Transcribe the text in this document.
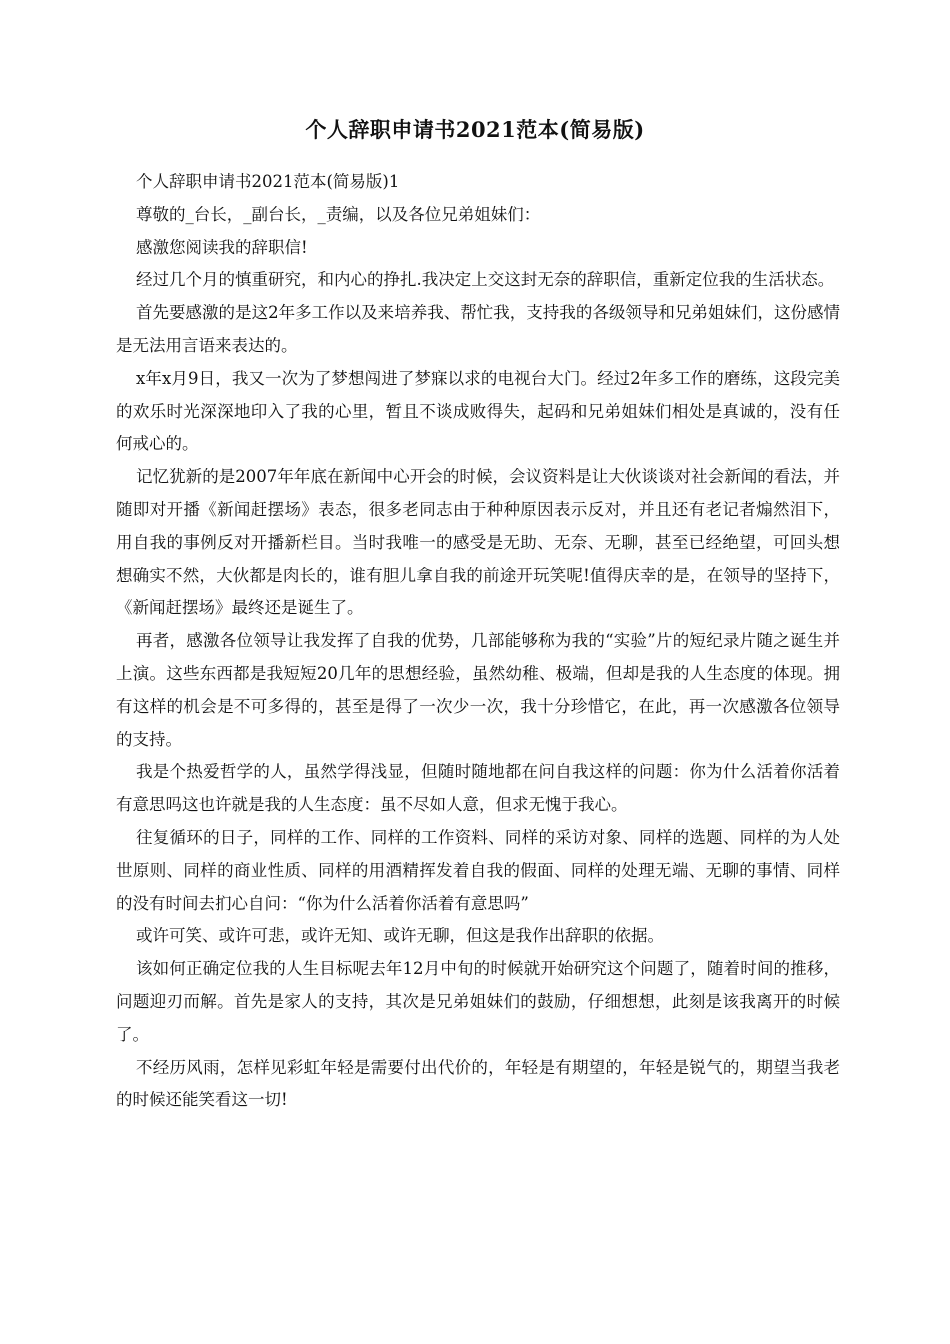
个人辞职申请书2021范本(简易版)

个人辞职申请书2021范本(简易版)1

尊敬的_台长，_副台长，_责编，以及各位兄弟姐妹们：

感激您阅读我的辞职信!

经过几个月的慎重研究，和内心的挣扎.我决定上交这封无奈的辞职信，重新定位我的生活状态。

首先要感激的是这2年多工作以及来培养我、帮忙我，支持我的各级领导和兄弟姐妹们，这份感情是无法用言语来表达的。

x年x月9日，我又一次为了梦想闯进了梦寐以求的电视台大门。经过2年多工作的磨练，这段完美的欢乐时光深深地印入了我的心里，暂且不谈成败得失，起码和兄弟姐妹们相处是真诚的，没有任何戒心的。

记忆犹新的是2007年年底在新闻中心开会的时候，会议资料是让大伙谈谈对社会新闻的看法，并随即对开播《新闻赶摆场》表态，很多老同志由于种种原因表示反对，并且还有老记者煽然泪下，用自我的事例反对开播新栏目。当时我唯一的感受是无助、无奈、无聊，甚至已经绝望，可回头想想确实不然，大伙都是肉长的，谁有胆儿拿自我的前途开玩笑呢!值得庆幸的是，在领导的坚持下，《新闻赶摆场》最终还是诞生了。

再者，感激各位领导让我发挥了自我的优势，几部能够称为我的“实验”片的短纪录片随之诞生并上演。这些东西都是我短短20几年的思想经验，虽然幼稚、极端，但却是我的人生态度的体现。拥有这样的机会是不可多得的，甚至是得了一次少一次，我十分珍惜它，在此，再一次感激各位领导的支持。

我是个热爱哲学的人，虽然学得浅显，但随时随地都在问自我这样的问题：你为什么活着你活着有意思吗这也许就是我的人生态度：虽不尽如人意，但求无愧于我心。

往复循环的日子，同样的工作、同样的工作资料、同样的采访对象、同样的选题、同样的为人处世原则、同样的商业性质、同样的用酒精挥发着自我的假面、同样的处理无端、无聊的事情、同样的没有时间去扪心自问：“你为什么活着你活着有意思吗”

或许可笑、或许可悲，或许无知、或许无聊，但这是我作出辞职的依据。

该如何正确定位我的人生目标呢去年12月中旬的时候就开始研究这个问题了，随着时间的推移，问题迎刃而解。首先是家人的支持，其次是兄弟姐妹们的鼓励，仔细想想，此刻是该我离开的时候了。

不经历风雨，怎样见彩虹年轻是需要付出代价的，年轻是有期望的，年轻是锐气的，期望当我老的时候还能笑看这一切!
